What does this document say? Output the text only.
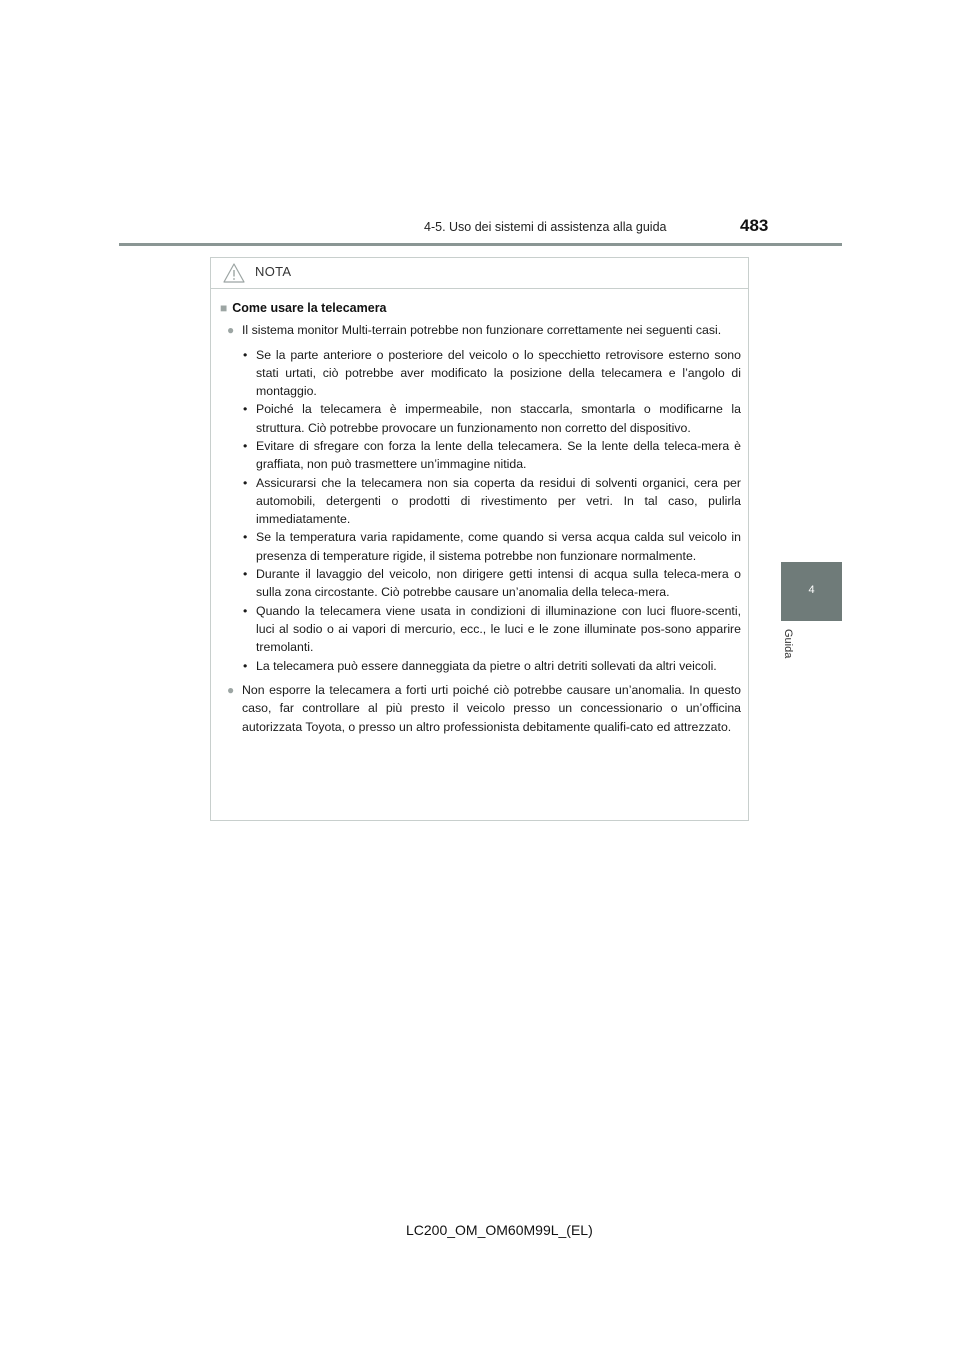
4-5. Uso dei sistemi di assistenza alla guida	483
4
Guida
NOTA
■ Come usare la telecamera
● Il sistema monitor Multi-terrain potrebbe non funzionare correttamente nei seguenti casi.
• Se la parte anteriore o posteriore del veicolo o lo specchietto retrovisore esterno sono stati urtati, ciò potrebbe aver modificato la posizione della telecamera e l’angolo di montaggio.
• Poiché la telecamera è impermeabile, non staccarla, smontarla o modificarne la struttura. Ciò potrebbe provocare un funzionamento non corretto del dispositivo.
• Evitare di sfregare con forza la lente della telecamera. Se la lente della teleca-mera è graffiata, non può trasmettere un’immagine nitida.
• Assicurarsi che la telecamera non sia coperta da residui di solventi organici, cera per automobili, detergenti o prodotti di rivestimento per vetri. In tal caso, pulirla immediatamente.
• Se la temperatura varia rapidamente, come quando si versa acqua calda sul veicolo in presenza di temperature rigide, il sistema potrebbe non funzionare normalmente.
• Durante il lavaggio del veicolo, non dirigere getti intensi di acqua sulla teleca-mera o sulla zona circostante. Ciò potrebbe causare un’anomalia della teleca-mera.
• Quando la telecamera viene usata in condizioni di illuminazione con luci fluore-scenti, luci al sodio o ai vapori di mercurio, ecc., le luci e le zone illuminate pos-sono apparire tremolanti.
• La telecamera può essere danneggiata da pietre o altri detriti sollevati da altri veicoli.
● Non esporre la telecamera a forti urti poiché ciò potrebbe causare un’anomalia. In questo caso, far controllare al più presto il veicolo presso un concessionario o un’officina autorizzata Toyota, o presso un altro professionista debitamente qualifi-cato ed attrezzato.
LC200_OM_OM60M99L_(EL)
